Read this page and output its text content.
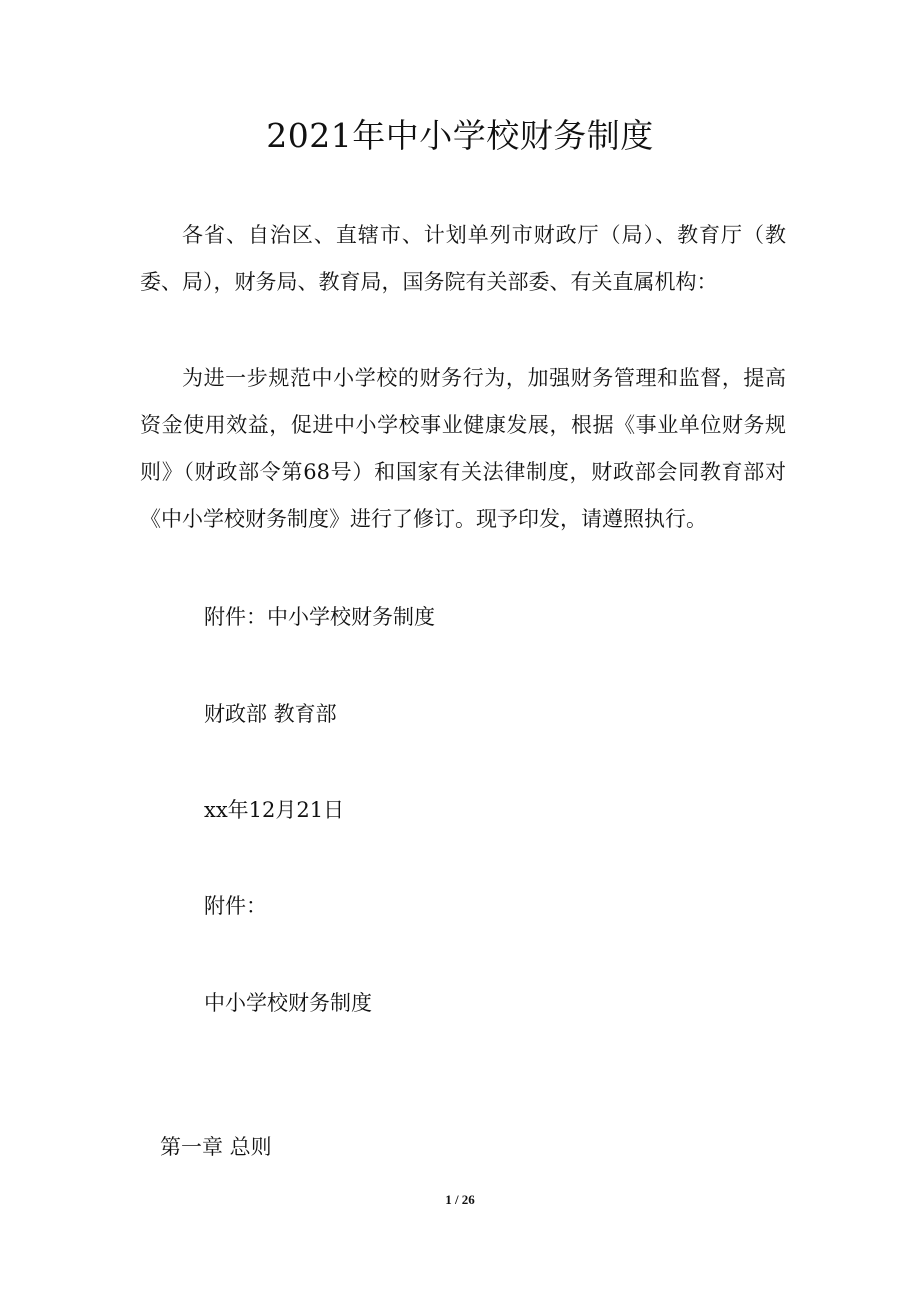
2021年中小学校财务制度

各省、自治区、直辖市、计划单列市财政厅（局）、教育厅（教委、局），财务局、教育局，国务院有关部委、有关直属机构：

为进一步规范中小学校的财务行为，加强财务管理和监督，提高资金使用效益，促进中小学校事业健康发展，根据《事业单位财务规则》（财政部令第68号）和国家有关法律制度，财政部会同教育部对《中小学校财务制度》进行了修订。现予印发，请遵照执行。

附件：中小学校财务制度

财政部 教育部

xx年12月21日

附件：

中小学校财务制度

第一章 总则

1 / 26
